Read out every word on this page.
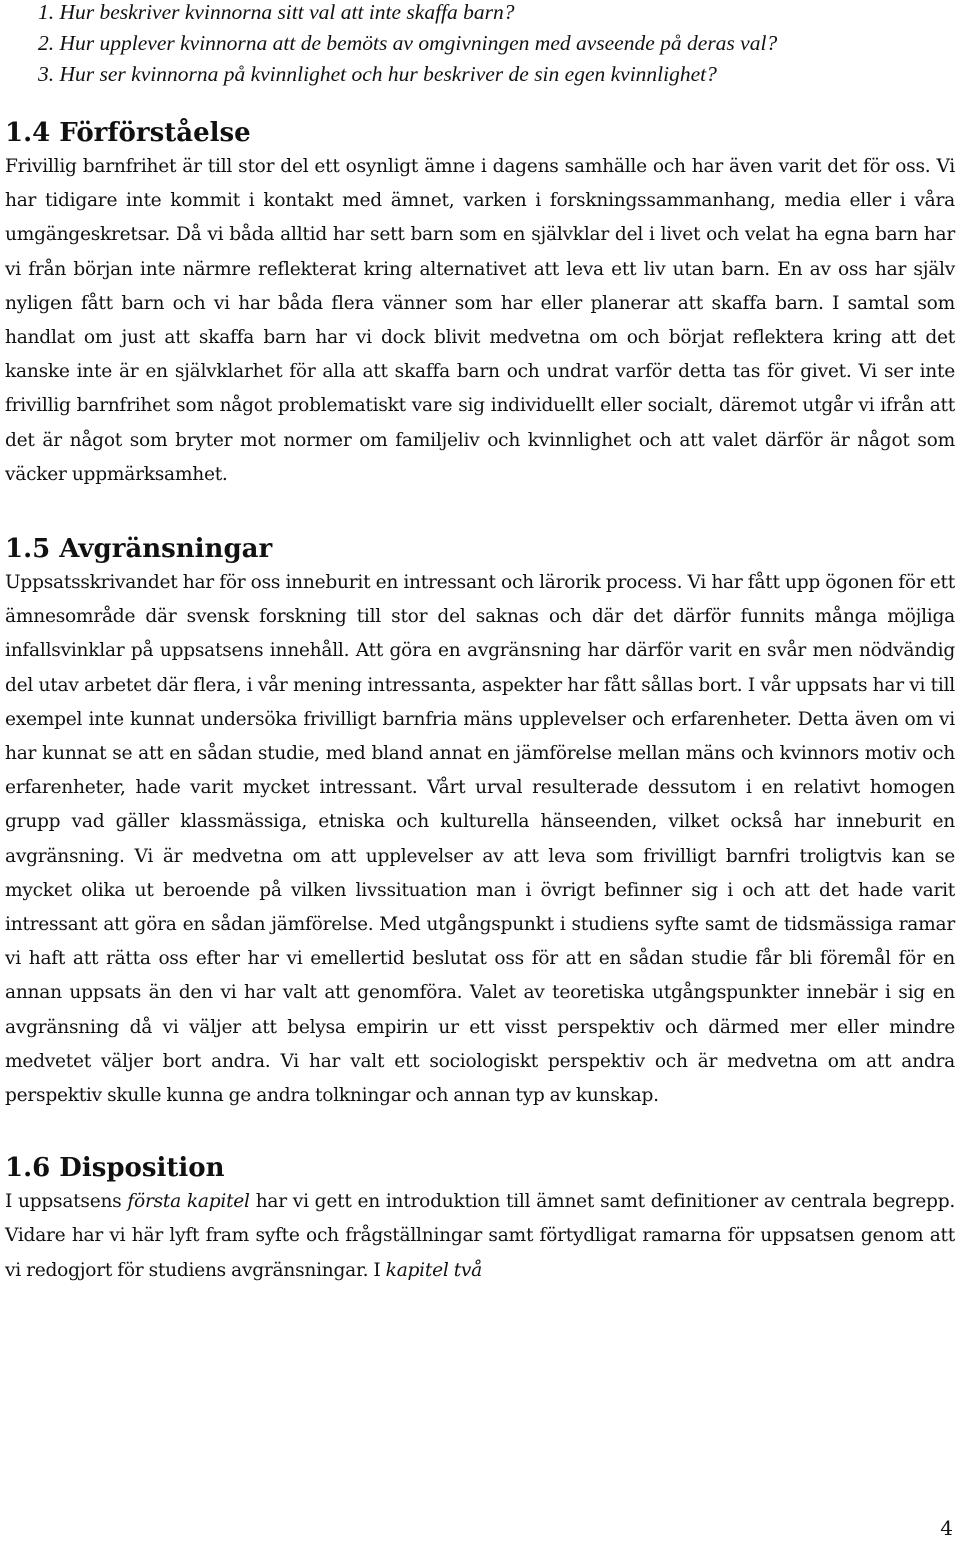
1. Hur beskriver kvinnorna sitt val att inte skaffa barn?
2. Hur upplever kvinnorna att de bemöts av omgivningen med avseende på deras val?
3. Hur ser kvinnorna på kvinnlighet och hur beskriver de sin egen kvinnlighet?
1.4 Förförståelse

Frivillig barnfrihet är till stor del ett osynligt ämne i dagens samhälle och har även varit det för oss. Vi har tidigare inte kommit i kontakt med ämnet, varken i forskningssammanhang, media eller i våra umgängeskretsar. Då vi båda alltid har sett barn som en självklar del i livet och velat ha egna barn har vi från början inte närmre reflekterat kring alternativet att leva ett liv utan barn. En av oss har själv nyligen fått barn och vi har båda flera vänner som har eller planerar att skaffa barn. I samtal som handlat om just att skaffa barn har vi dock blivit medvetna om och börjat reflektera kring att det kanske inte är en självklarhet för alla att skaffa barn och undrat varför detta tas för givet. Vi ser inte frivillig barnfrihet som något problematiskt vare sig individuellt eller socialt, däremot utgår vi ifrån att det är något som bryter mot normer om familjeliv och kvinnlighet och att valet därför är något som väcker uppmärksamhet.

1.5 Avgränsningar

Uppsatsskrivandet har för oss inneburit en intressant och lärorik process. Vi har fått upp ögonen för ett ämnesområde där svensk forskning till stor del saknas och där det därför funnits många möjliga infallsvinklar på uppsatsens innehåll. Att göra en avgränsning har därför varit en svår men nödvändig del utav arbetet där flera, i vår mening intressanta, aspekter har fått sållas bort. I vår uppsats har vi till exempel inte kunnat undersöka frivilligt barnfria mäns upplevelser och erfarenheter. Detta även om vi har kunnat se att en sådan studie, med bland annat en jämförelse mellan mäns och kvinnors motiv och erfarenheter, hade varit mycket intressant. Vårt urval resulterade dessutom i en relativt homogen grupp vad gäller klassmässiga, etniska och kulturella hänseenden, vilket också har inneburit en avgränsning. Vi är medvetna om att upplevelser av att leva som frivilligt barnfri troligtvis kan se mycket olika ut beroende på vilken livssituation man i övrigt befinner sig i och att det hade varit intressant att göra en sådan jämförelse. Med utgångspunkt i studiens syfte samt de tidsmässiga ramar vi haft att rätta oss efter har vi emellertid beslutat oss för att en sådan studie får bli föremål för en annan uppsats än den vi har valt att genomföra. Valet av teoretiska utgångspunkter innebär i sig en avgränsning då vi väljer att belysa empirin ur ett visst perspektiv och därmed mer eller mindre medvetet väljer bort andra. Vi har valt ett sociologiskt perspektiv och är medvetna om att andra perspektiv skulle kunna ge andra tolkningar och annan typ av kunskap.

1.6 Disposition

I uppsatsens första kapitel har vi gett en introduktion till ämnet samt definitioner av centrala begrepp. Vidare har vi här lyft fram syfte och frågställningar samt förtydligat ramarna för uppsatsen genom att vi redogjort för studiens avgränsningar. I kapitel två

4
